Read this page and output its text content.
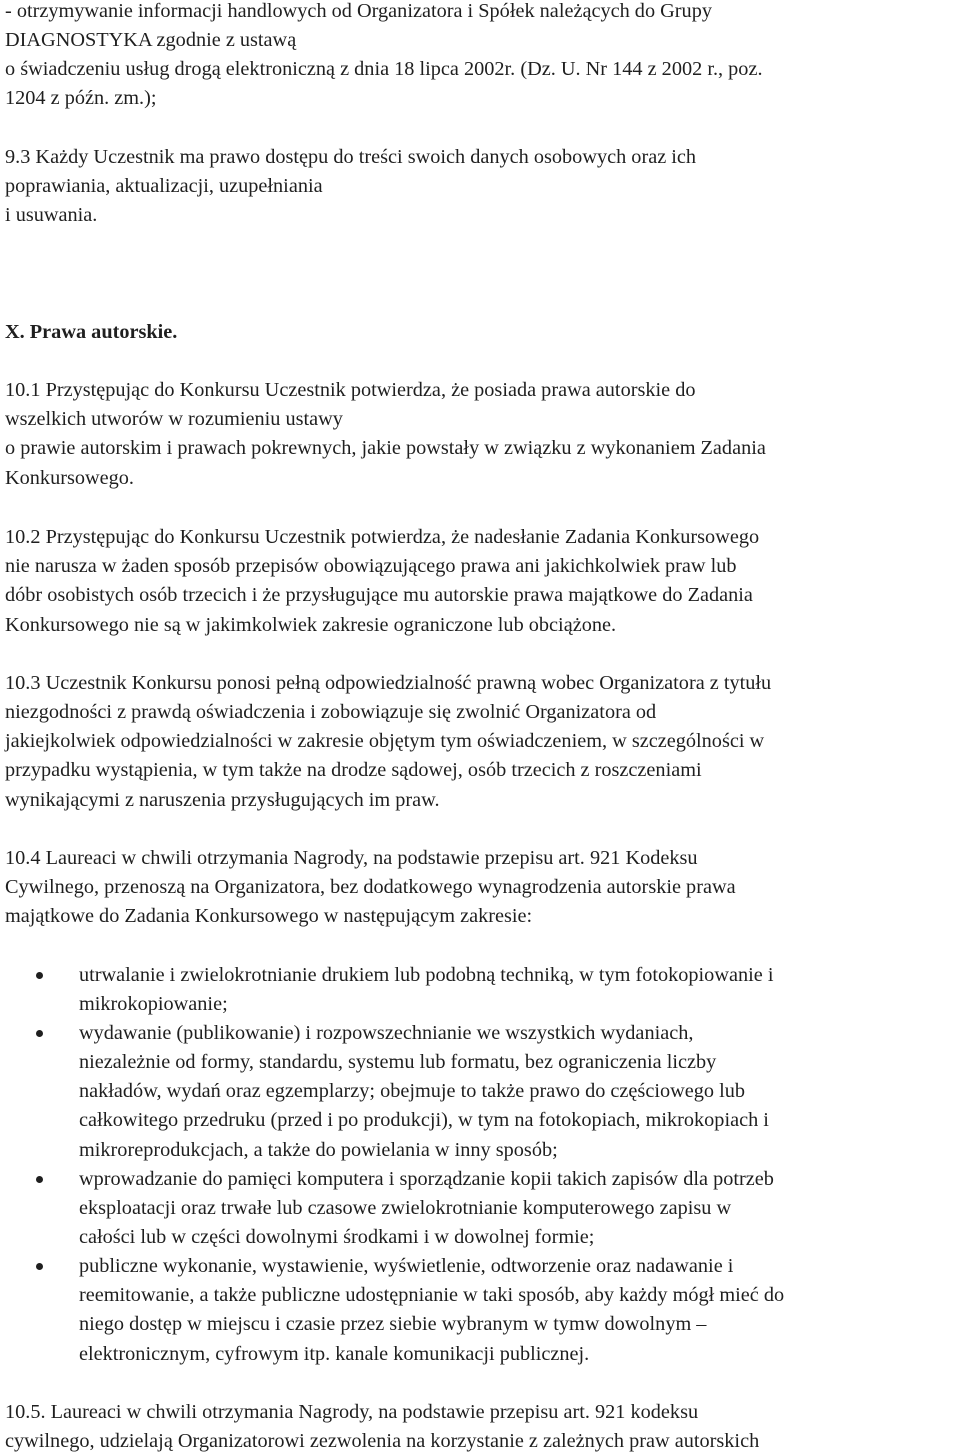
- otrzymywanie informacji handlowych od Organizatora i Spółek należących do Grupy
DIAGNOSTYKA zgodnie z ustawą
o świadczeniu usług drogą elektroniczną z dnia 18 lipca 2002r. (Dz. U. Nr 144 z 2002 r., poz.
1204 z późn. zm.);
9.3 Każdy Uczestnik ma prawo dostępu do treści swoich danych osobowych oraz ich
poprawiania, aktualizacji, uzupełniania
i usuwania.
X. Prawa autorskie.
10.1 Przystępując do Konkursu Uczestnik potwierdza, że posiada prawa autorskie do
wszelkich utworów w rozumieniu ustawy
o prawie autorskim i prawach pokrewnych, jakie powstały w związku z wykonaniem Zadania
Konkursowego.
10.2 Przystępując do Konkursu Uczestnik potwierdza, że nadesłanie Zadania Konkursowego
nie narusza w żaden sposób przepisów obowiązującego prawa ani jakichkolwiek praw lub
dóbr osobistych osób trzecich i że przysługujące mu autorskie prawa majątkowe do Zadania
Konkursowego nie są w jakimkolwiek zakresie ograniczone lub obciążone.
10.3 Uczestnik Konkursu ponosi pełną odpowiedzialność prawną wobec Organizatora z tytułu
niezgodności z prawdą oświadczenia i zobowiązuje się zwolnić Organizatora od
jakiejkolwiek odpowiedzialności w zakresie objętym tym oświadczeniem, w szczególności w
przypadku wystąpienia, w tym także na drodze sądowej, osób trzecich z roszczeniami
wynikającymi z naruszenia przysługujących im praw.
10.4 Laureaci w chwili otrzymania Nagrody, na podstawie przepisu art. 921 Kodeksu
Cywilnego, przenoszą na Organizatora, bez dodatkowego wynagrodzenia autorskie prawa
majątkowe do Zadania Konkursowego w następującym zakresie:
utrwalanie i zwielokrotnianie drukiem lub podobną techniką, w tym fotokopiowanie i
mikrokopiowanie;
wydawanie (publikowanie) i rozpowszechnianie we wszystkich wydaniach,
niezależnie od formy, standardu, systemu lub formatu, bez ograniczenia liczby
nakładów, wydań oraz egzemplarzy; obejmuje to także prawo do częściowego lub
całkowitego przedruku (przed i po produkcji), w tym na fotokopiach, mikrokopiach i
mikroreprodukcjach, a także do powielania w inny sposób;
wprowadzanie do pamięci komputera i sporządzanie kopii takich zapisów dla potrzeb
eksploatacji oraz trwałe lub czasowe zwielokrotnianie komputerowego zapisu w
całości lub w części dowolnymi środkami i w dowolnej formie;
publiczne wykonanie, wystawienie, wyświetlenie, odtworzenie oraz nadawanie i
reemitowanie, a także publiczne udostępnianie w taki sposób, aby każdy mógł mieć do
niego dostęp w miejscu i czasie przez siebie wybranym w tymw dowolnym –
elektronicznym, cyfrowym itp. kanale komunikacji publicznej.
10.5. Laureaci w chwili otrzymania Nagrody, na podstawie przepisu art. 921 kodeksu
cywilnego, udzielają Organizatorowi zezwolenia na korzystanie z zależnych praw autorskich
